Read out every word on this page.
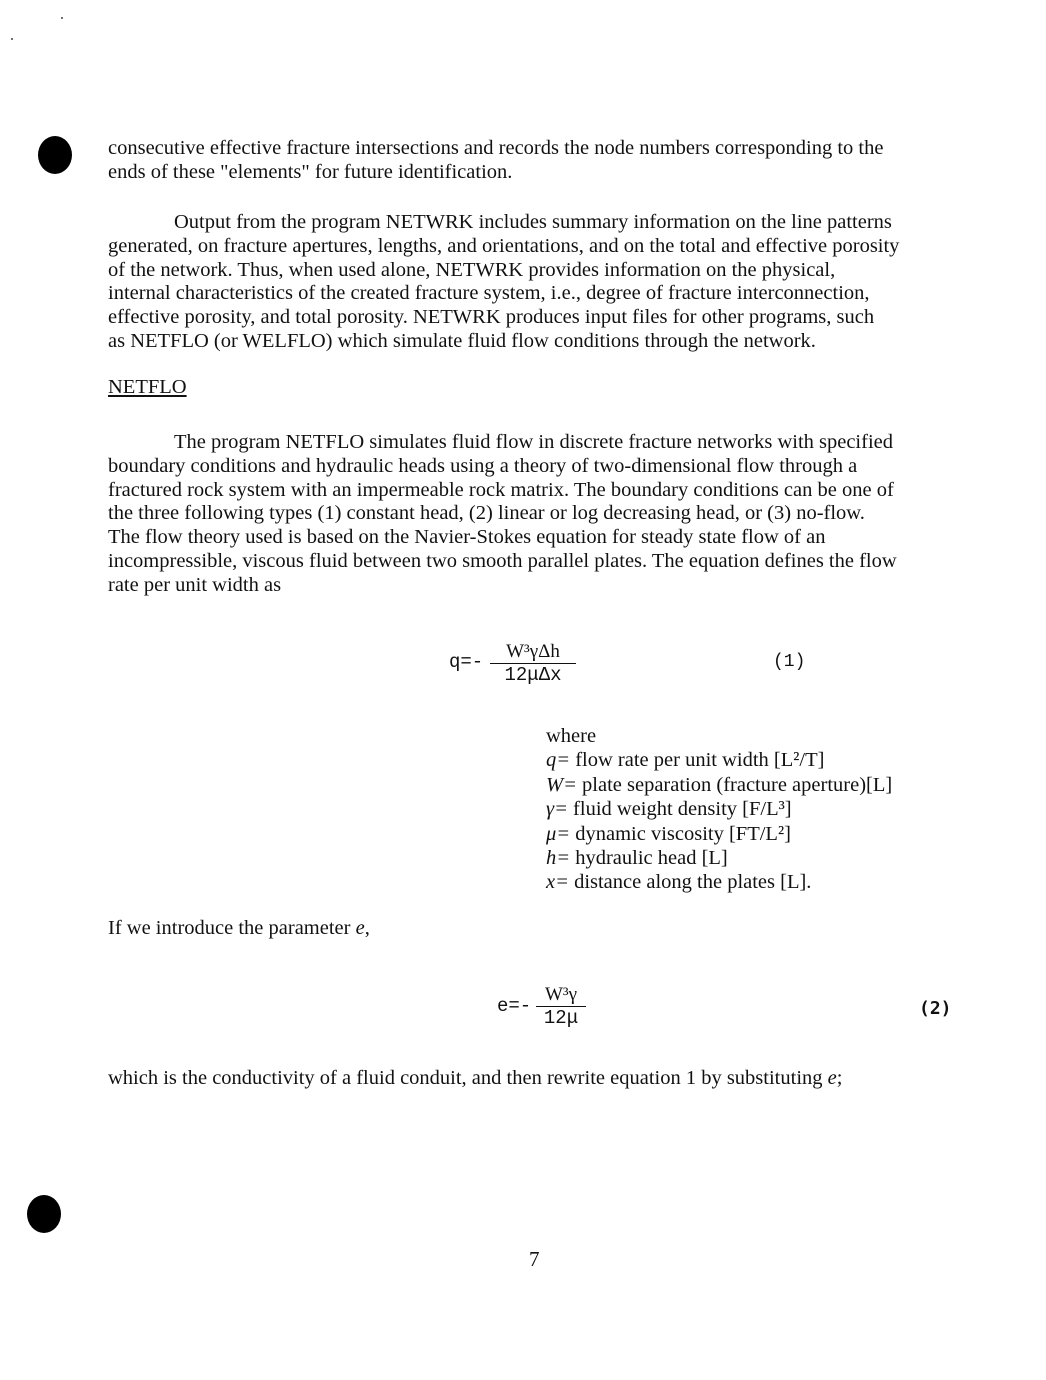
consecutive effective fracture intersections and records the node numbers corresponding to the
ends of these "elements" for future identification.
Output from the program NETWRK includes summary information on the line patterns
generated, on fracture apertures, lengths, and orientations, and on the total and effective porosity
of the network. Thus, when used alone, NETWRK provides information on the physical,
internal characteristics of the created fracture system, i.e., degree of fracture interconnection,
effective porosity, and total porosity. NETWRK produces input files for other programs, such
as NETFLO (or WELFLO) which simulate fluid flow conditions through the network.
NETFLO
The program NETFLO simulates fluid flow in discrete fracture networks with specified
boundary conditions and hydraulic heads using a theory of two-dimensional flow through a
fractured rock system with an impermeable rock matrix. The boundary conditions can be one of
the three following types (1) constant head, (2) linear or log decreasing head, or (3) no-flow.
The flow theory used is based on the Navier-Stokes equation for steady state flow of an
incompressible, viscous fluid between two smooth parallel plates. The equation defines the flow
rate per unit width as
q=-	W³γΔh
12μΔx
(1)
where
q= flow rate per unit width [L²/T]
W= plate separation (fracture aperture)[L]
γ= fluid weight density [F/L³]
μ= dynamic viscosity [FT/L²]
h= hydraulic head [L]
x= distance along the plates [L].
If we introduce the parameter e,
e=-
W³γ
12μ	(2)
which is the conductivity of a fluid conduit, and then rewrite equation 1 by substituting e;
7
